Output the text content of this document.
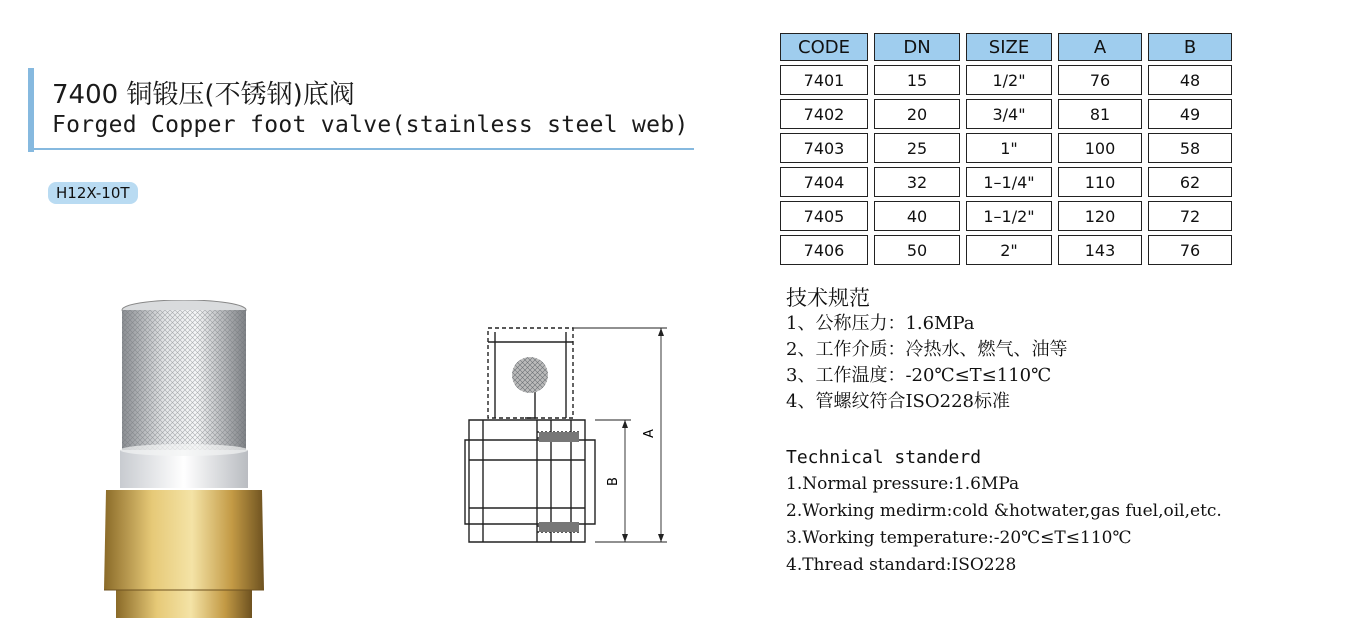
7400 铜锻压(不锈钢)底阀
Forged Copper foot valve(stainless steel web)
H12X-10T
A
B
CODE	DN	SIZE	A	B
7401	15	1/2"	76	48
7402	20	3/4"	81	49
7403	25	1"	100	58
7404	32	1–1/4"	110	62
7405	40	1–1/2"	120	72
7406	50	2"	143	76
技术规范
1、公称压力：1.6MPa
2、工作介质：冷热水、燃气、油等
3、工作温度：-20℃≤T≤110℃
4、管螺纹符合ISO228标准
Technical standerd
1.Normal pressure:1.6MPa
2.Working medirm:cold &hotwater,gas fuel,oil,etc.
3.Working temperature:-20℃≤T≤110℃
4.Thread standard:ISO228
